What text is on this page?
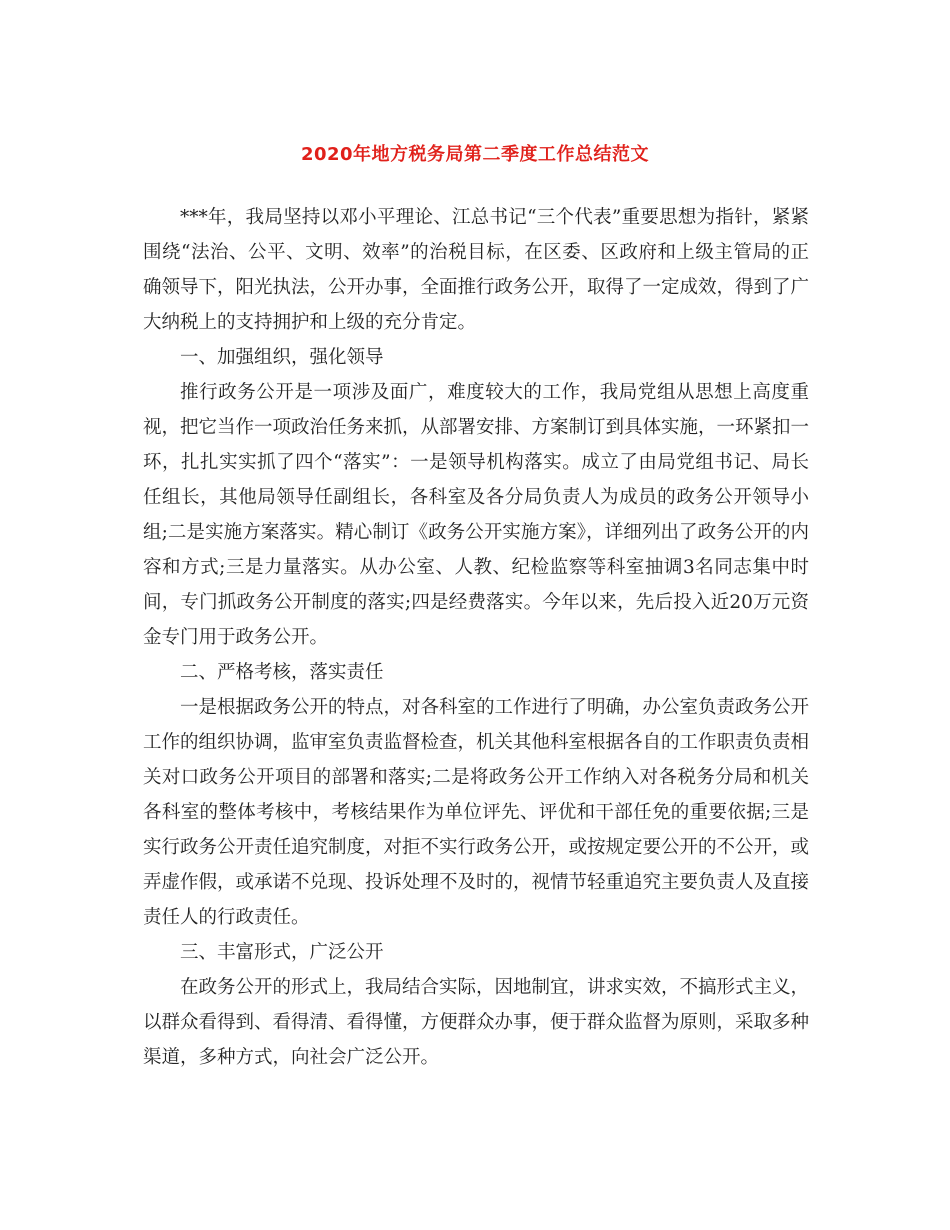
2020年地方税务局第二季度工作总结范文

***年，我局坚持以邓小平理论、江总书记“三个代表”重要思想为指针，紧紧围绕“法治、公平、文明、效率”的治税目标，在区委、区政府和上级主管局的正确领导下，阳光执法，公开办事，全面推行政务公开，取得了一定成效，得到了广大纳税上的支持拥护和上级的充分肯定。

一、加强组织，强化领导

推行政务公开是一项涉及面广，难度较大的工作，我局党组从思想上高度重视，把它当作一项政治任务来抓，从部署安排、方案制订到具体实施，一环紧扣一环，扎扎实实抓了四个“落实”：一是领导机构落实。成立了由局党组书记、局长任组长，其他局领导任副组长，各科室及各分局负责人为成员的政务公开领导小组;二是实施方案落实。精心制订《政务公开实施方案》，详细列出了政务公开的内容和方式;三是力量落实。从办公室、人教、纪检监察等科室抽调3名同志集中时间，专门抓政务公开制度的落实;四是经费落实。今年以来，先后投入近20万元资金专门用于政务公开。

二、严格考核，落实责任

一是根据政务公开的特点，对各科室的工作进行了明确，办公室负责政务公开工作的组织协调，监审室负责监督检查，机关其他科室根据各自的工作职责负责相关对口政务公开项目的部署和落实;二是将政务公开工作纳入对各税务分局和机关各科室的整体考核中，考核结果作为单位评先、评优和干部任免的重要依据;三是实行政务公开责任追究制度，对拒不实行政务公开，或按规定要公开的不公开，或弄虚作假，或承诺不兑现、投诉处理不及时的，视情节轻重追究主要负责人及直接责任人的行政责任。

三、丰富形式，广泛公开

在政务公开的形式上，我局结合实际，因地制宜，讲求实效，不搞形式主义，以群众看得到、看得清、看得懂，方便群众办事，便于群众监督为原则，采取多种渠道，多种方式，向社会广泛公开。
